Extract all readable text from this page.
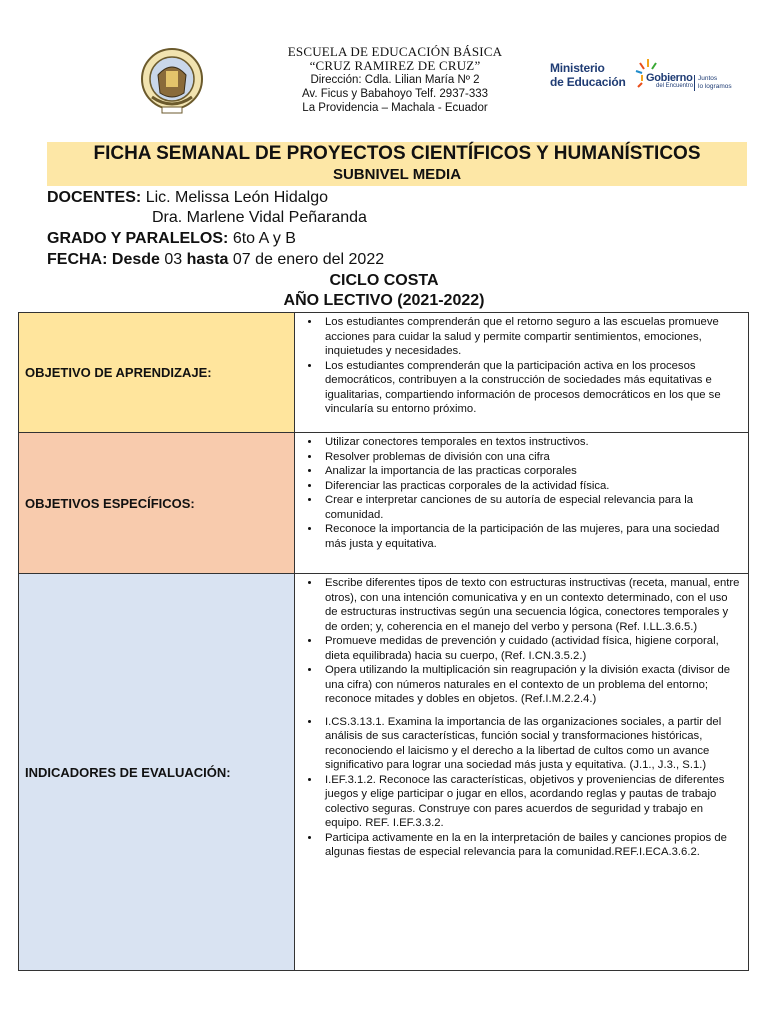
ESCUELA DE EDUCACIÓN BÁSICA
“CRUZ RAMIREZ DE CRUZ”
Dirección: Cdla. Lilian María Nº 2
Av. Ficus y Babahoyo Telf. 2937-333
La Providencia – Machala - Ecuador
Ministerio
de Educación Gobierno
del Encuentro
Juntos
lo logramos
FICHA SEMANAL DE PROYECTOS CIENTÍFICOS Y HUMANÍSTICOS
SUBNIVEL MEDIA
DOCENTES: Lic. Melissa León Hidalgo
Dra. Marlene Vidal Peñaranda
GRADO Y PARALELOS: 6to A y B
FECHA: Desde 03 hasta 07 de enero del 2022
CICLO COSTA
AÑO LECTIVO (2021-2022)
OBJETIVO DE APRENDIZAJE:
• Los estudiantes comprenderán que el retorno seguro a las escuelas promueve acciones para cuidar la salud y permite compartir sentimientos, emociones, inquietudes y necesidades.
• Los estudiantes comprenderán que la participación activa en los procesos democráticos, contribuyen a la construcción de sociedades más equitativas e igualitarias, compartiendo información de procesos democráticos en los que se vincularía su entorno próximo.
OBJETIVOS ESPECÍFICOS:
• Utilizar conectores temporales en textos instructivos.
• Resolver problemas de división con una cifra
• Analizar la importancia de las practicas corporales
• Diferenciar las practicas corporales de la actividad física.
• Crear e interpretar canciones de su autoría de especial relevancia para la comunidad.
• Reconoce la importancia de la participación de las mujeres, para una sociedad más justa y equitativa.
INDICADORES DE EVALUACIÓN:
• Escribe diferentes tipos de texto con estructuras instructivas (receta, manual, entre otros), con una intención comunicativa y en un contexto determinado, con el uso de estructuras instructivas según una secuencia lógica, conectores temporales y de orden; y, coherencia en el manejo del verbo y persona (Ref. I.LL.3.6.5.)
• Promueve medidas de prevención y cuidado (actividad física, higiene corporal, dieta equilibrada) hacia su cuerpo, (Ref. I.CN.3.5.2.)
• Opera utilizando la multiplicación sin reagrupación y la división exacta (divisor de una cifra) con números naturales en el contexto de un problema del entorno; reconoce mitades y dobles en objetos. (Ref.I.M.2.2.4.)
• I.CS.3.13.1. Examina la importancia de las organizaciones sociales, a partir del análisis de sus características, función social y transformaciones históricas, reconociendo el laicismo y el derecho a la libertad de cultos como un avance significativo para lograr una sociedad más justa y equitativa. (J.1., J.3., S.1.)
• I.EF.3.1.2. Reconoce las características, objetivos y proveniencias de diferentes juegos y elige participar o jugar en ellos, acordando reglas y pautas de trabajo colectivo seguras. Construye con pares acuerdos de seguridad y trabajo en equipo. REF. I.EF.3.3.2.
• Participa activamente en la en la interpretación de bailes y canciones propios de algunas fiestas de especial relevancia para la comunidad.REF.I.ECA.3.6.2.
